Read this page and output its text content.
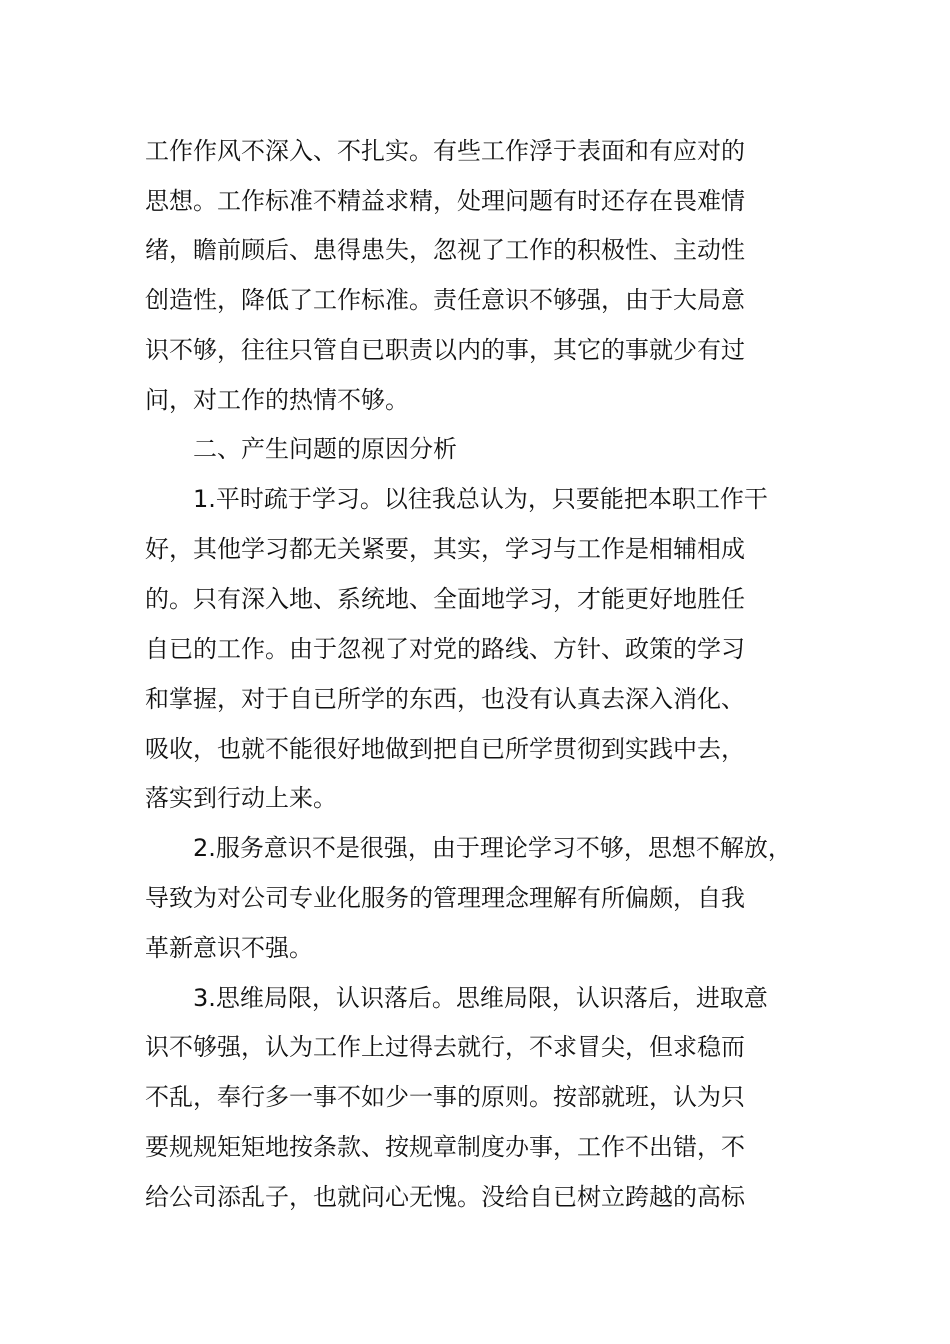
工作作风不深入、不扎实。有些工作浮于表面和有应对的
思想。工作标准不精益求精，处理问题有时还存在畏难情
绪，瞻前顾后、患得患失，忽视了工作的积极性、主动性
创造性，降低了工作标准。责任意识不够强，由于大局意
识不够，往往只管自已职责以内的事，其它的事就少有过
问，对工作的热情不够。
二、产生问题的原因分析
1.平时疏于学习。以往我总认为，只要能把本职工作干
好，其他学习都无关紧要，其实，学习与工作是相辅相成
的。只有深入地、系统地、全面地学习，才能更好地胜任
自已的工作。由于忽视了对党的路线、方针、政策的学习
和掌握，对于自已所学的东西，也没有认真去深入消化、
吸收，也就不能很好地做到把自已所学贯彻到实践中去，
落实到行动上来。
2.服务意识不是很强，由于理论学习不够，思想不解放，
导致为对公司专业化服务的管理理念理解有所偏颇，自我
革新意识不强。
3.思维局限，认识落后。思维局限，认识落后，进取意
识不够强，认为工作上过得去就行，不求冒尖，但求稳而
不乱，奉行多一事不如少一事的原则。按部就班，认为只
要规规矩矩地按条款、按规章制度办事，工作不出错，不
给公司添乱子，也就问心无愧。没给自已树立跨越的高标
